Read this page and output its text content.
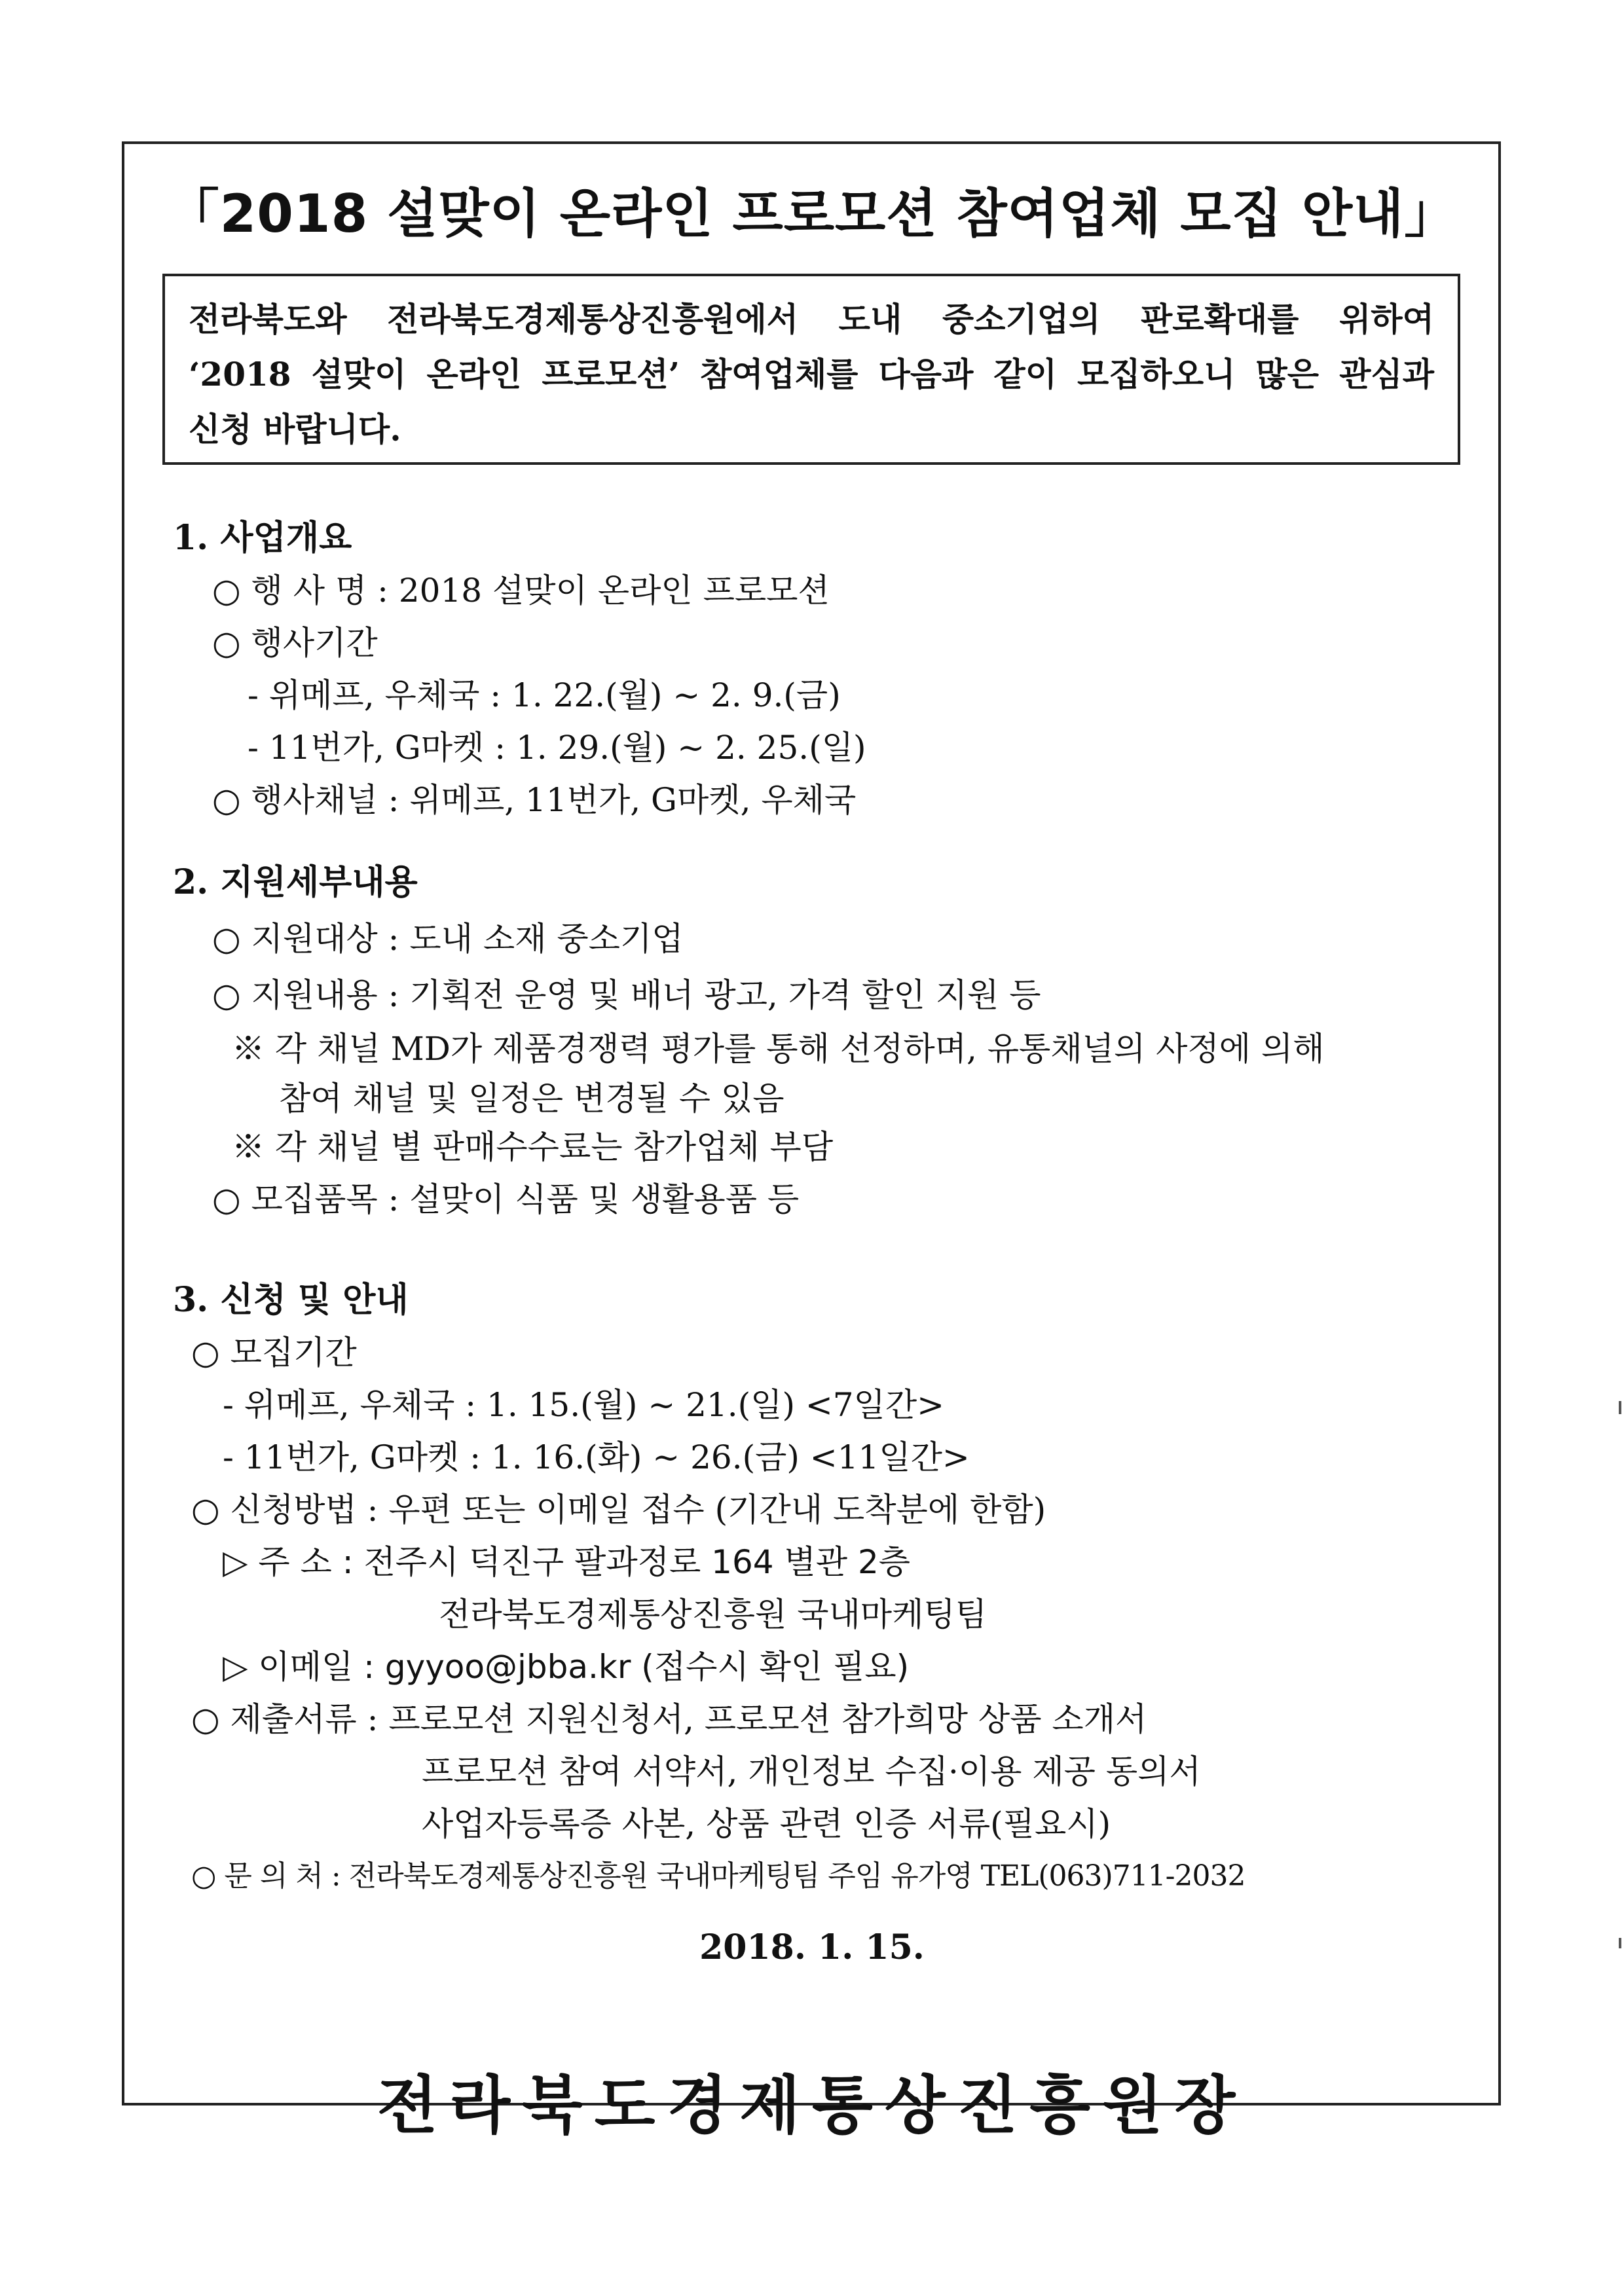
「2018 설맞이 온라인 프로모션 참여업체 모집 안내」
전라북도와 전라북도경제통상진흥원에서 도내 중소기업의 판로확대를 위하여
‘2018 설맞이 온라인 프로모션’ 참여업체를 다음과 같이 모집하오니 많은 관심과
신청 바랍니다.
1. 사업개요
○ 행 사 명 : 2018 설맞이 온라인 프로모션
○ 행사기간
- 위메프, 우체국 : 1. 22.(월) ~ 2. 9.(금)
- 11번가, G마켓 : 1. 29.(월) ~ 2. 25.(일)
○ 행사채널 : 위메프, 11번가, G마켓, 우체국
2. 지원세부내용
○ 지원대상 : 도내 소재 중소기업
○ 지원내용 : 기획전 운영 및 배너 광고, 가격 할인 지원 등
※ 각 채널 MD가 제품경쟁력 평가를 통해 선정하며, 유통채널의 사정에 의해
참여 채널 및 일정은 변경될 수 있음
※ 각 채널 별 판매수수료는 참가업체 부담
○ 모집품목 : 설맞이 식품 및 생활용품 등
3. 신청 및 안내
○ 모집기간
- 위메프, 우체국 : 1. 15.(월) ~ 21.(일) <7일간>
- 11번가, G마켓 : 1. 16.(화) ~ 26.(금) <11일간>
○ 신청방법 : 우편 또는 이메일 접수 (기간내 도착분에 한함)
▷ 주 소 : 전주시 덕진구 팔과정로 164 별관 2층
전라북도경제통상진흥원 국내마케팅팀
▷ 이메일 : gyyoo@jbba.kr (접수시 확인 필요)
○ 제출서류 : 프로모션 지원신청서, 프로모션 참가희망 상품 소개서
프로모션 참여 서약서, 개인정보 수집·이용 제공 동의서
사업자등록증 사본, 상품 관련 인증 서류(필요시)
○ 문 의 처 : 전라북도경제통상진흥원 국내마케팅팀 주임 유가영 TEL(063)711-2032
2018. 1. 15.
전라북도경제통상진흥원장
